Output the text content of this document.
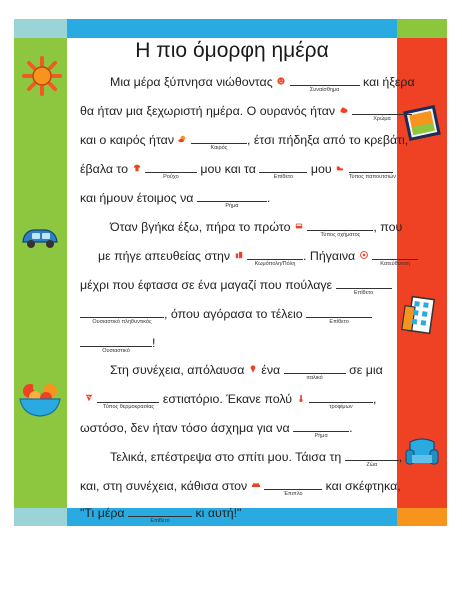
Η πιο όμορφη ημέρα
Μια μέρα ξύπνησα νιώθοντας
Συναίσθημα
και ήξερα
θα ήταν μια ξεχωριστή ημέρα. Ο ουρανός ήταν
Χρώμα
και ο καιρός ήταν
Καιρός
, έτσι πήδηξα από το κρεβάτι,
έβαλα το
Ρούχο
μου και τα
Επίθετο
μου
Τύπος παπουτσιών
και ήμουν έτοιμος να
Ρήμα
.
Όταν βγήκα έξω, πήρα το πρώτο
Τύπος οχήματος
, που
με πήγε απευθείας στην
Κωμόπολη/Πόλη
. Πήγαινα
Κατεύθυνση
μέχρι που έφτασα σε ένα μαγαζί που πούλαγε
Επίθετο
Ουσιαστικό πληθυντικός
, όπου αγόρασα το τέλειο
Επίθετο
Ουσιαστικό
!
Στη συνέχεια, απόλαυσα ένα
ιταλικό
σε μια

Τύπος θερμοκρασίας
εστιατόριο. Έκανε πολύ
τροφίμων
,
ωστόσο, δεν ήταν τόσο άσχημα για να
Ρήμα
.
Τελικά, επέστρεψα στο σπίτι μου. Τάισα τη
Ζώα
,
και, στη συνέχεια, κάθισα στον
Έπιπλο
και σκέφτηκα,
"Τι μέρα
Επίθετο
κι αυτή!"
